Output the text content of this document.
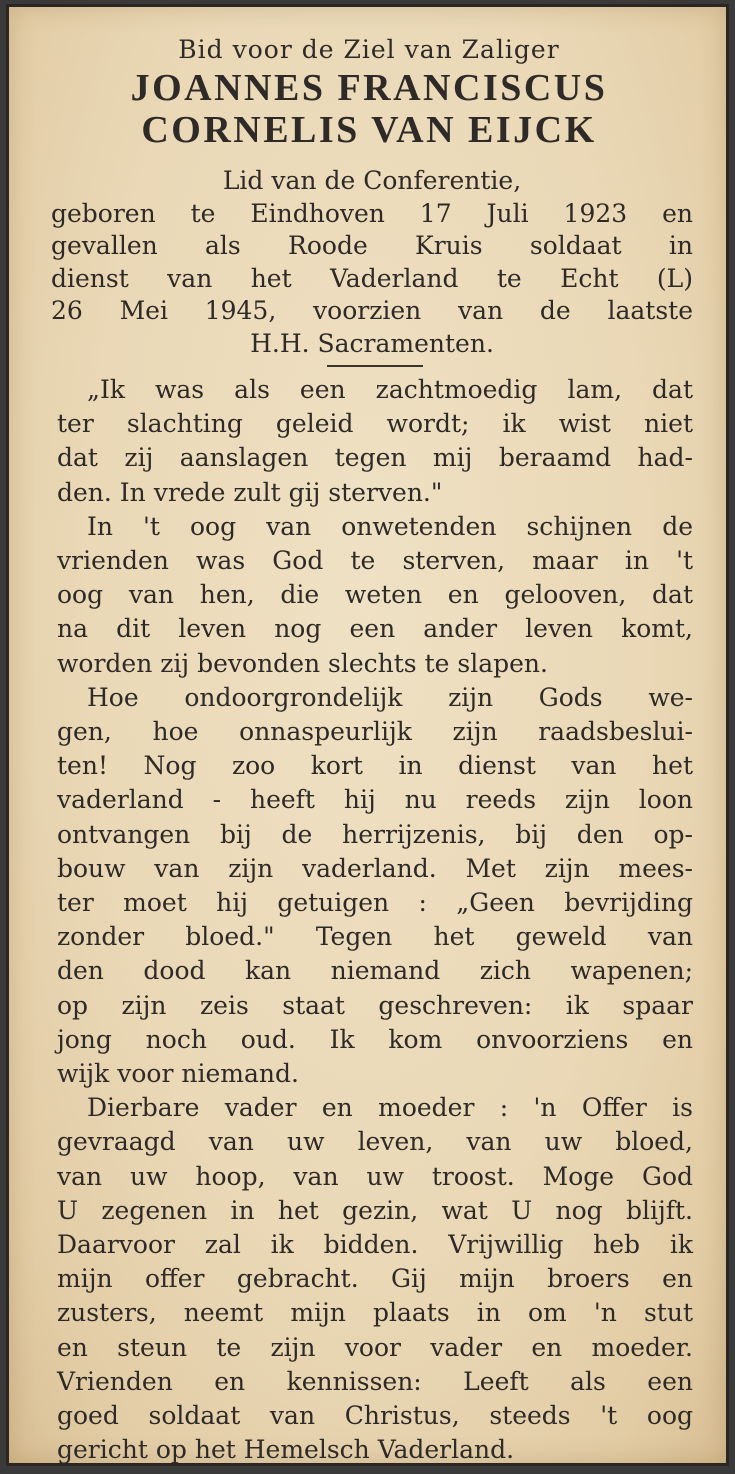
Bid voor de Ziel van Zaliger
JOANNES FRANCISCUS
CORNELIS VAN EIJCK
Lid van de Conferentie,
geboren te Eindhoven 17 Juli 1923 en
gevallen als Roode Kruis soldaat in
dienst van het Vaderland te Echt (L)
26 Mei 1945, voorzien van de laatste
H.H. Sacramenten.
„Ik was als een zachtmoedig lam, dat
ter slachting geleid wordt; ik wist niet
dat zij aanslagen tegen mij beraamd had-
den. In vrede zult gij sterven."
In 't oog van onwetenden schijnen de
vrienden was God te sterven, maar in 't
oog van hen, die weten en gelooven, dat
na dit leven nog een ander leven komt,
worden zij bevonden slechts te slapen.
Hoe ondoorgrondelijk zijn Gods we-
gen, hoe onnaspeurlijk zijn raadsbeslui-
ten! Nog zoo kort in dienst van het
vaderland - heeft hij nu reeds zijn loon
ontvangen bij de herrijzenis, bij den op-
bouw van zijn vaderland. Met zijn mees-
ter moet hij getuigen : „Geen bevrijding
zonder bloed." Tegen het geweld van
den dood kan niemand zich wapenen;
op zijn zeis staat geschreven: ik spaar
jong noch oud. Ik kom onvoorziens en
wijk voor niemand.
Dierbare vader en moeder : 'n Offer is
gevraagd van uw leven, van uw bloed,
van uw hoop, van uw troost. Moge God
U zegenen in het gezin, wat U nog blijft.
Daarvoor zal ik bidden. Vrijwillig heb ik
mijn offer gebracht. Gij mijn broers en
zusters, neemt mijn plaats in om 'n stut
en steun te zijn voor vader en moeder.
Vrienden en kennissen: Leeft als een
goed soldaat van Christus, steeds 't oog
gericht op het Hemelsch Vaderland.
